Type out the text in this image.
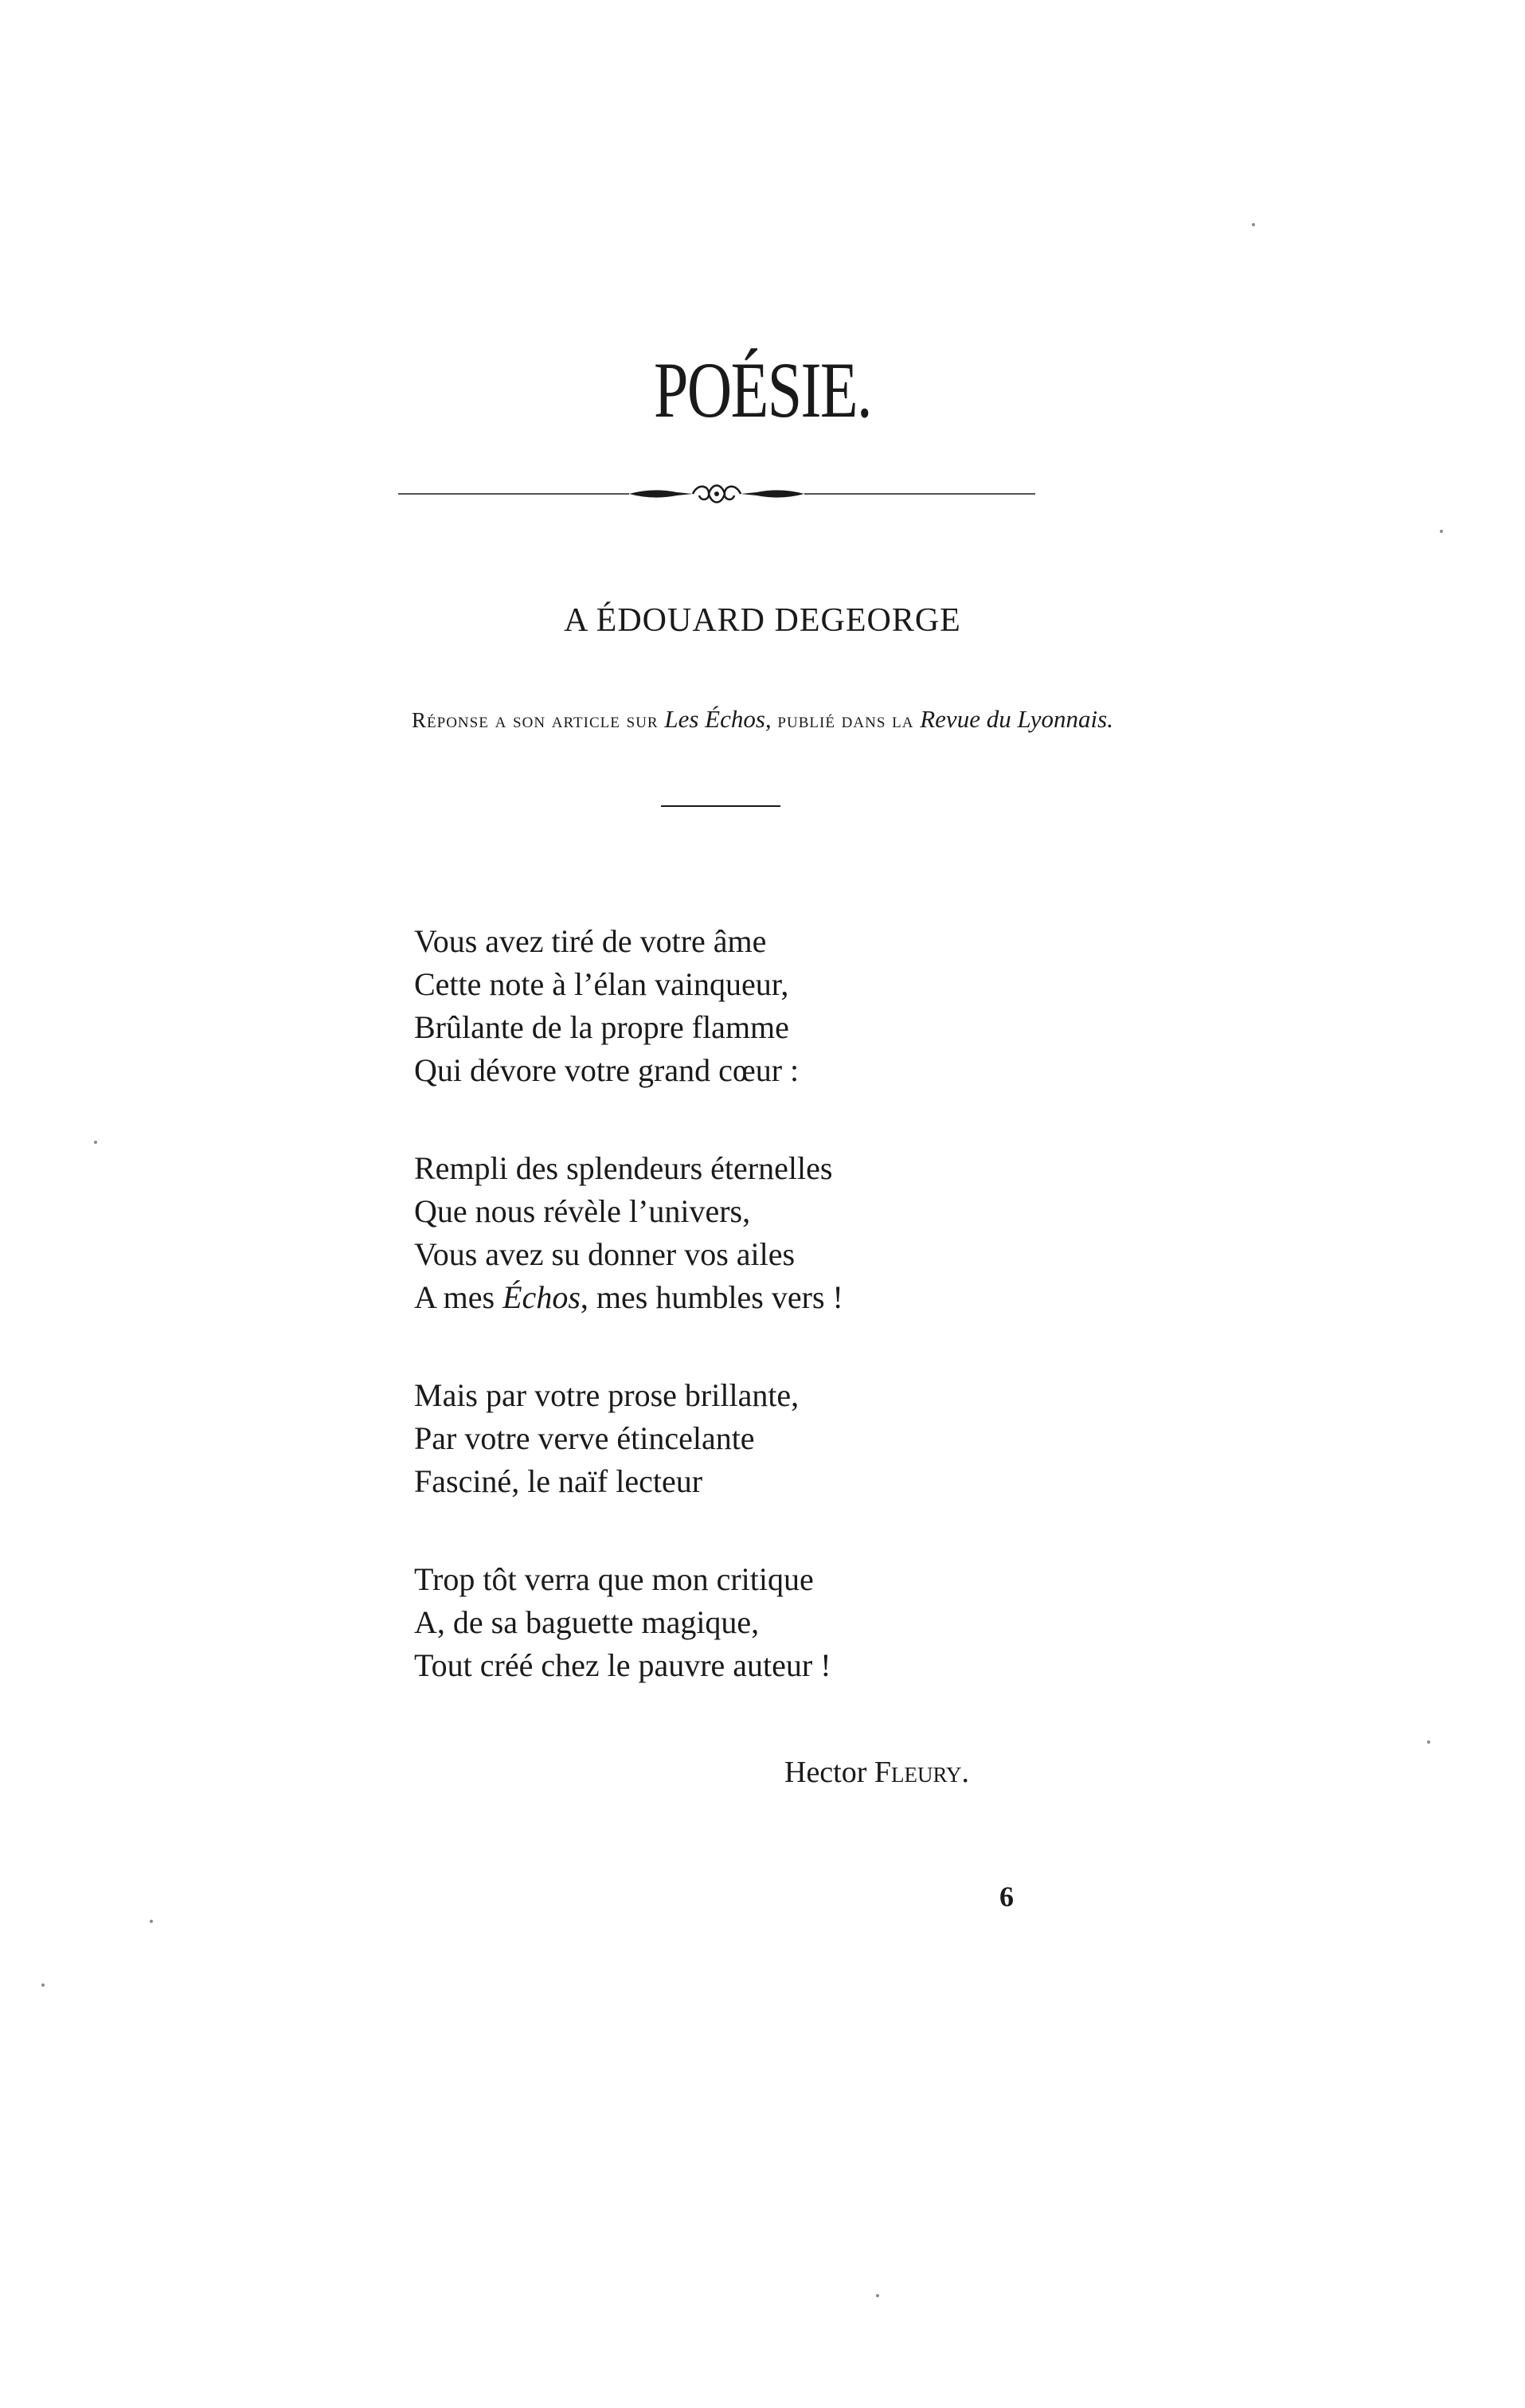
POÉSIE.
A ÉDOUARD DEGEORGE
Réponse a son article sur Les Échos, publié dans la Revue du Lyonnais.
Vous avez tiré de votre âme
Cette note à l’élan vainqueur,
Brûlante de la propre flamme
Qui dévore votre grand cœur :
Rempli des splendeurs éternelles
Que nous révèle l’univers,
Vous avez su donner vos ailes
A mes Échos, mes humbles vers !
Mais par votre prose brillante,
Par votre verve étincelante
Fasciné, le naïf lecteur
Trop tôt verra que mon critique
A, de sa baguette magique,
Tout créé chez le pauvre auteur !
Hector Fleury.
6
